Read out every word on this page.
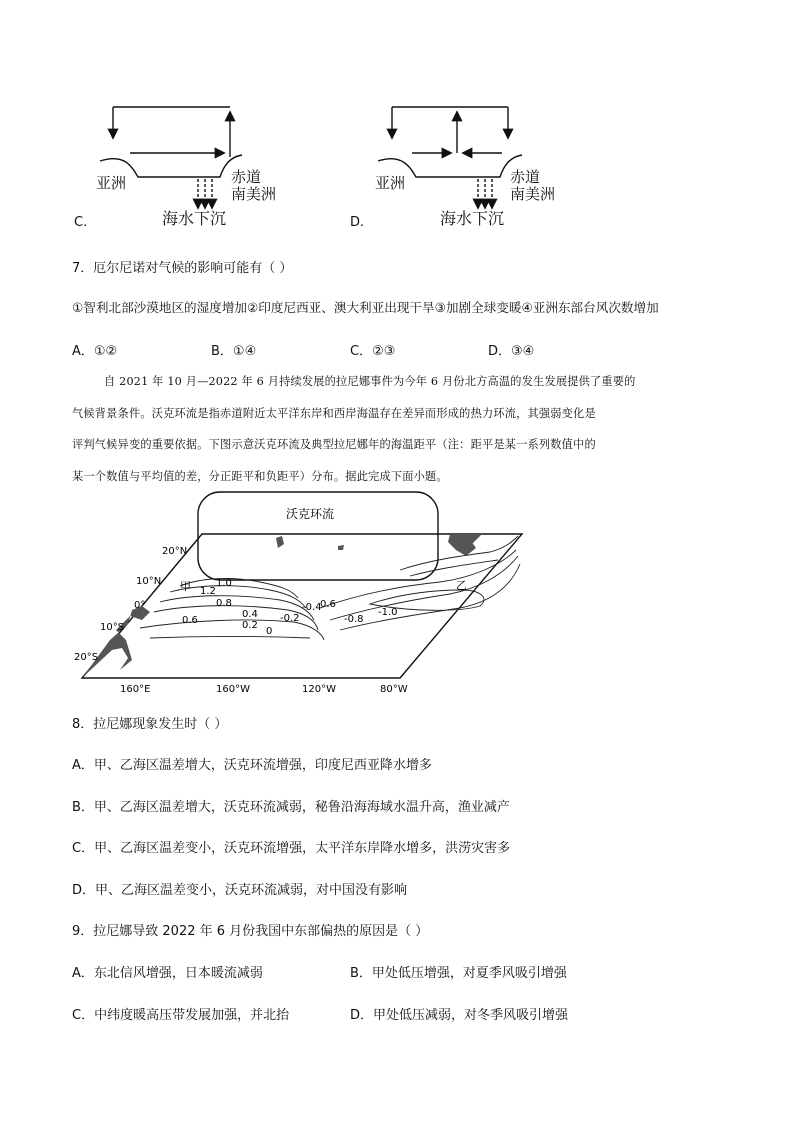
亚洲	赤道
南美洲
海水下沉
C.
亚洲	赤道
南美洲
海水下沉
D.
7．厄尔尼诺对气候的影响可能有（ ）
①智利北部沙漠地区的湿度增加②印度尼西亚、澳大利亚出现干旱③加剧全球变暖④亚洲东部台风次数增加
A．①②	B．①④	C．②③	D．③④
自 2021 年 10 月—2022 年 6 月持续发展的拉尼娜事件为今年 6 月份北方高温的发生发展提供了重要的
气候背景条件。沃克环流是指赤道附近太平洋东岸和西岸海温存在差异而形成的热力环流，其强弱变化是
评判气候异变的重要依据。下图示意沃克环流及典型拉尼娜年的海温距平（注：距平是某一系列数值中的
某一个数值与平均值的差，分正距平和负距平）分布。据此完成下面小题。
20°N
10°N
0°
10°S
20°S
160°E	160°W	120°W	80°W
沃克环流
甲	乙
1.2
1.0
0.8
0.6
0.4
0.2
0
-0.2
-0.4
0.6
-0.8
-1.0
8．拉尼娜现象发生时（ ）
A．甲、乙海区温差增大，沃克环流增强，印度尼西亚降水增多
B．甲、乙海区温差增大，沃克环流减弱，秘鲁沿海海域水温升高，渔业减产
C．甲、乙海区温差变小，沃克环流增强，太平洋东岸降水增多，洪涝灾害多
D．甲、乙海区温差变小，沃克环流减弱，对中国没有影响
9．拉尼娜导致 2022 年 6 月份我国中东部偏热的原因是（ ）
A．东北信风增强，日本暖流减弱	B．甲处低压增强，对夏季风吸引增强
C．中纬度暖高压带发展加强，并北抬	D．甲处低压减弱，对冬季风吸引增强
